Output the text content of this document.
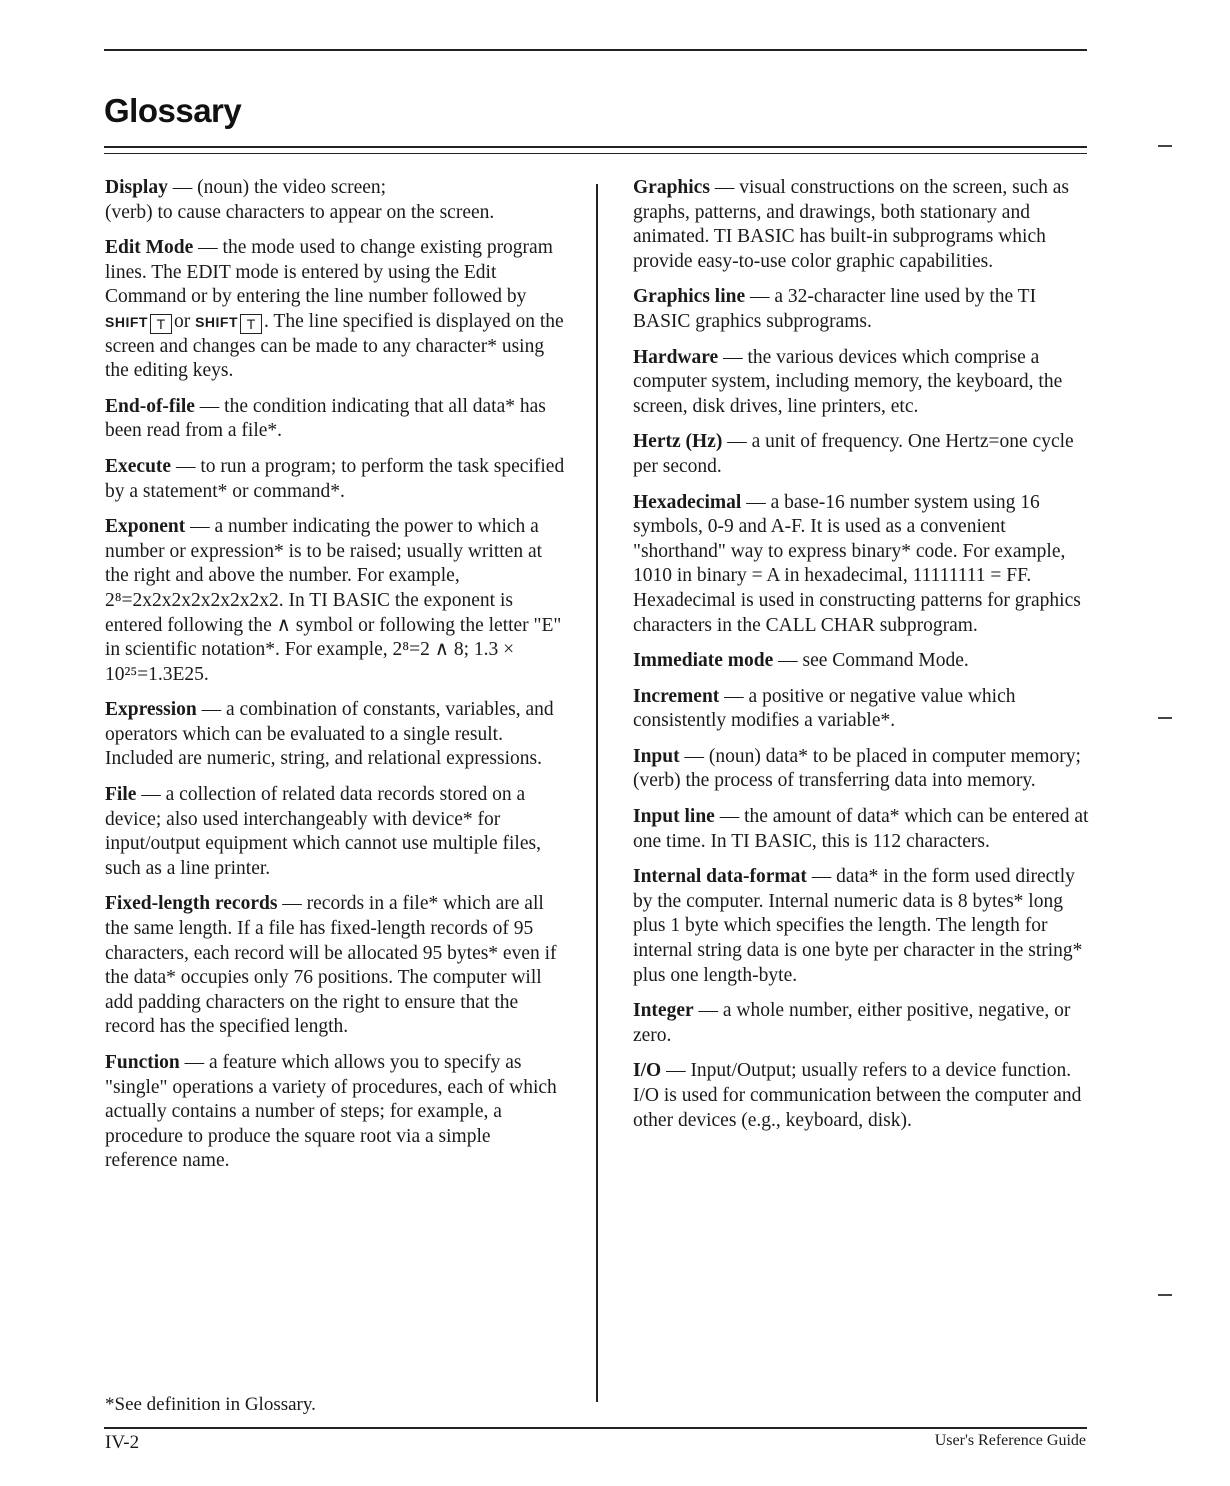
Glossary

Display — (noun) the video screen;
(verb) to cause characters to appear on the screen.

Edit Mode — the mode used to change existing program lines. The EDIT mode is entered by using the Edit Command or by entering the line number followed by SHIFT T or SHIFT T . The line specified is displayed on the screen and changes can be made to any character* using the editing keys.

End-of-file — the condition indicating that all data* has been read from a file*.

Execute — to run a program; to perform the task specified by a statement* or command*.

Exponent — a number indicating the power to which a number or expression* is to be raised; usually written at the right and above the number. For example, 2⁸=2x2x2x2x2x2x2x2. In TI BASIC the exponent is entered following the ∧ symbol or following the letter "E" in scientific notation*. For example, 2⁸=2 ∧ 8; 1.3 × 10²⁵=1.3E25.

Expression — a combination of constants, variables, and operators which can be evaluated to a single result. Included are numeric, string, and relational expressions.

File — a collection of related data records stored on a device; also used interchangeably with device* for input/output equipment which cannot use multiple files, such as a line printer.

Fixed-length records — records in a file* which are all the same length. If a file has fixed-length records of 95 characters, each record will be allocated 95 bytes* even if the data* occupies only 76 positions. The computer will add padding characters on the right to ensure that the record has the specified length.

Function — a feature which allows you to specify as "single" operations a variety of procedures, each of which actually contains a number of steps; for example, a procedure to produce the square root via a simple reference name.

Graphics — visual constructions on the screen, such as graphs, patterns, and drawings, both stationary and animated. TI BASIC has built-in subprograms which provide easy-to-use color graphic capabilities.

Graphics line — a 32-character line used by the TI BASIC graphics subprograms.

Hardware — the various devices which comprise a computer system, including memory, the keyboard, the screen, disk drives, line printers, etc.

Hertz (Hz) — a unit of frequency. One Hertz=one cycle per second.

Hexadecimal — a base-16 number system using 16 symbols, 0-9 and A-F. It is used as a convenient "shorthand" way to express binary* code. For example, 1010 in binary = A in hexadecimal, 11111111 = FF. Hexadecimal is used in constructing patterns for graphics characters in the CALL CHAR subprogram.

Immediate mode — see Command Mode.

Increment — a positive or negative value which consistently modifies a variable*.

Input — (noun) data* to be placed in computer memory; (verb) the process of transferring data into memory.

Input line — the amount of data* which can be entered at one time. In TI BASIC, this is 112 characters.

Internal data-format — data* in the form used directly by the computer. Internal numeric data is 8 bytes* long plus 1 byte which specifies the length. The length for internal string data is one byte per character in the string* plus one length-byte.

Integer — a whole number, either positive, negative, or zero.

I/O — Input/Output; usually refers to a device function. I/O is used for communication between the computer and other devices (e.g., keyboard, disk).

*See definition in Glossary.
IV-2	User's Reference Guide
